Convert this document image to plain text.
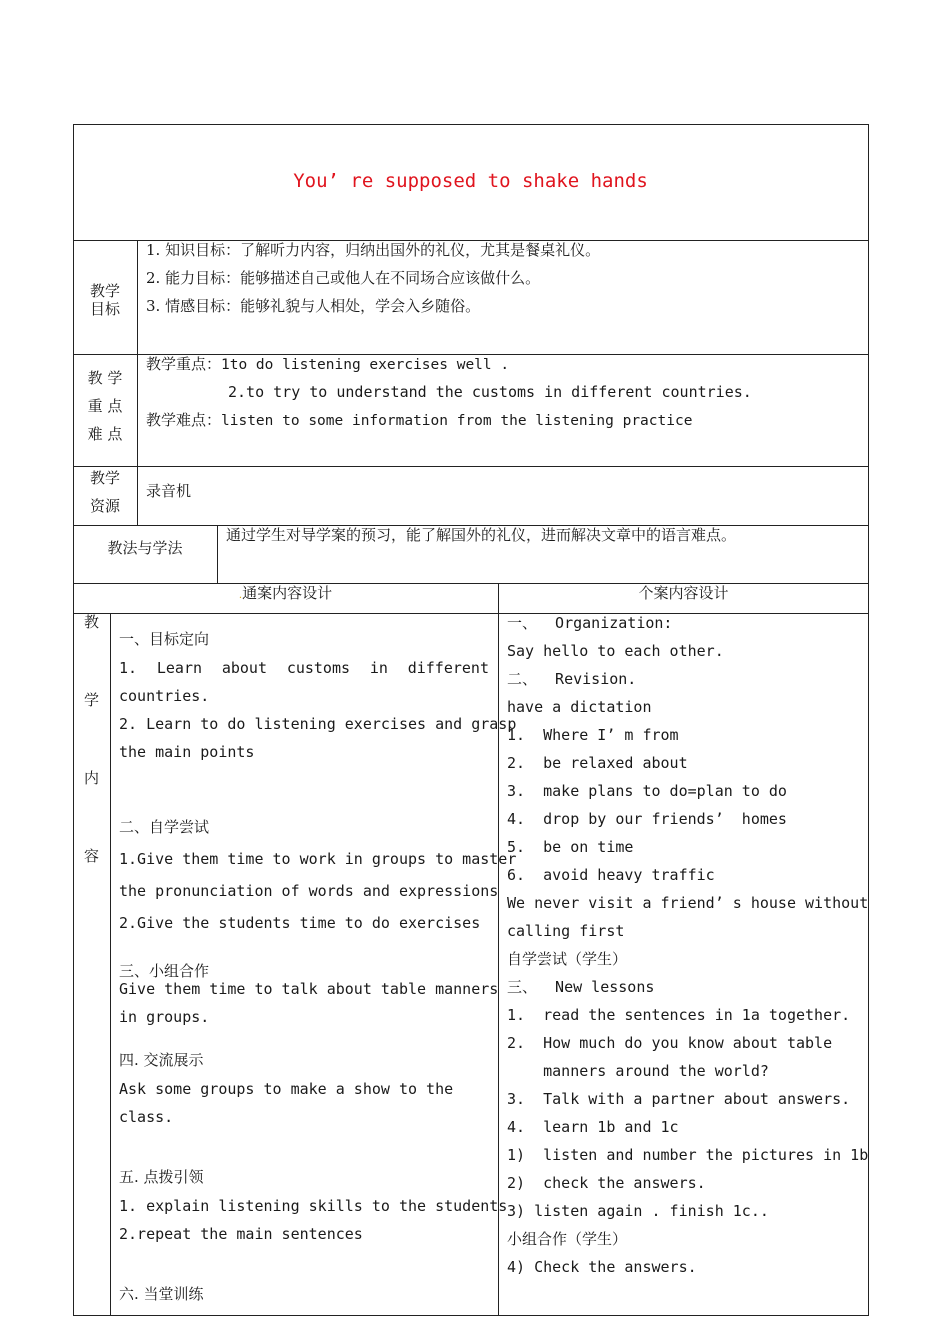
You’ re supposed to shake hands
教学
目标
1. 知识目标：了解听力内容，归纳出国外的礼仪，尤其是餐桌礼仪。
2. 能力目标：能够描述自己或他人在不同场合应该做什么。
3. 情感目标：能够礼貌与人相处，学会入乡随俗。
教 学
重 点
难 点
教学重点：1to do listening exercises well .
2.to try to understand the customs in different countries.
教学难点：listen to some information from the listening practice
教学
资源
录音机
教法与学法
通过学生对导学案的预习，能了解国外的礼仪，进而解决文章中的语言难点。
.通案内容设计	个案内容设计
教
学
内
容
一、目标定向
1. Learn about customs in different
countries.
2. Learn to do listening exercises and grasp
the main points
二、自学尝试
1.Give them time to work in groups to master
the pronunciation of words and expressions
2.Give the students time to do exercises
三、小组合作
Give them time to talk about table manners
in groups.
四. 交流展示
Ask some groups to make a show to the
class.
五. 点拨引领
1. explain listening skills to the students
2.repeat the main sentences
六. 当堂训练
一、  Organization:
Say hello to each other.
二、  Revision.
have a dictation
1.  Where I’ m from
2.  be relaxed about
3.  make plans to do=plan to do
4.  drop by our friends’  homes
5.  be on time
6.  avoid heavy traffic
We never visit a friend’ s house without
calling first
自学尝试（学生）
三、  New lessons
1.  read the sentences in 1a together.
2.  How much do you know about table
manners around the world?
3.  Talk with a partner about answers.
4.  learn 1b and 1c
1)  listen and number the pictures in 1b
2)  check the answers.
3) listen again . finish 1c..
小组合作（学生）
4) Check the answers.
